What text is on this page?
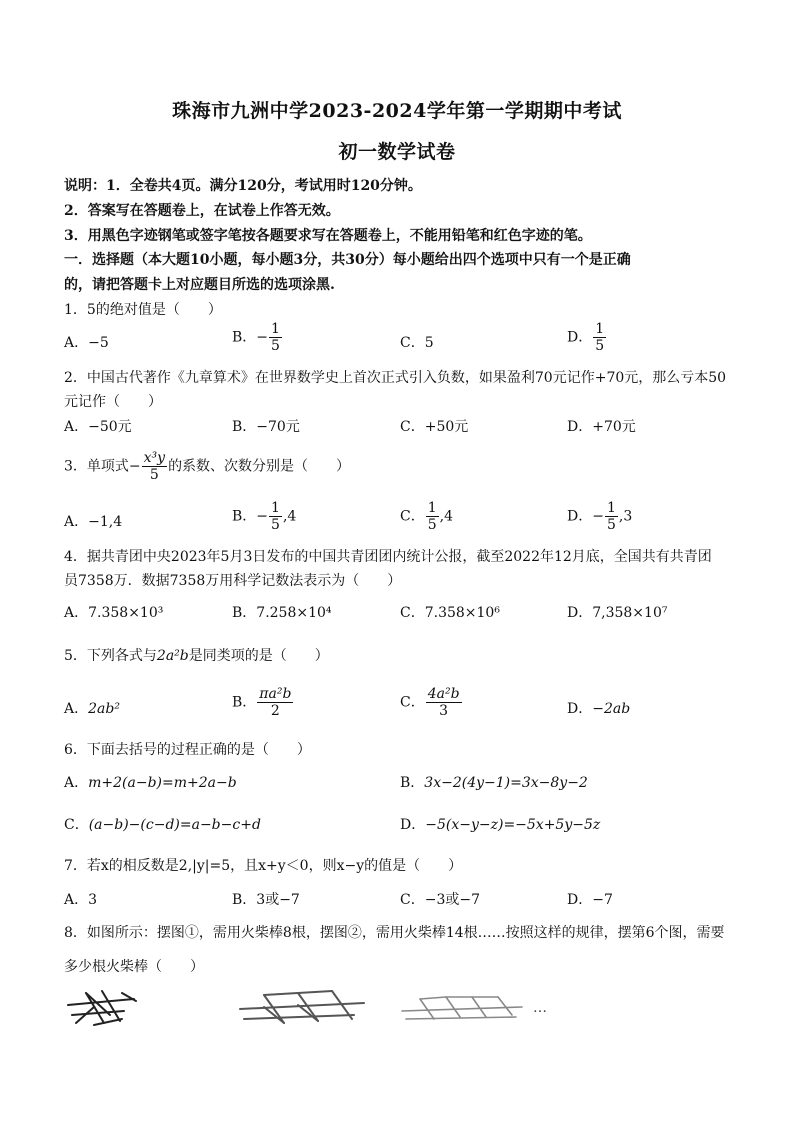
珠海市九洲中学2023-2024学年第一学期期中考试
初一数学试卷
说明：1．全卷共4页。满分120分，考试用时120分钟。
2．答案写在答题卷上，在试卷上作答无效。
3．用黑色字迹钢笔或签字笔按各题要求写在答题卷上，不能用铅笔和红色字迹的笔。
一．选择题（本大题10小题，每小题3分，共30分）每小题给出四个选项中只有一个是正确
的，请把答题卡上对应题目所选的选项涂黑.
1．5的绝对值是（　　）
A．−5	B．− $\frac{1}{5}$	C．5	D． $\frac{1}{5}$
2．中国古代著作《九章算术》在世界数学史上首次正式引入负数，如果盈利70元记作+70元，那么亏本50
元记作（　　）
A．−50元	B．−70元	C．+50元	D．+70元
3．单项式− $\frac{\text{x³y}}{5}$ 的系数、次数分别是（　　）
A．−1,4	B．− $\frac{1}{5} ,4$	C． $\frac{1}{5} ,4$	D．− $\frac{1}{5} ,3$
4．据共青团中央2023年5月3日发布的中国共青团团内统计公报，截至2022年12月底，全国共有共青团
员7358万．数据7358万用科学记数法表示为（　　）
A．7.358×10³	B．7.258×10⁴	C．7.358×10⁶	D．7,358×10⁷
5．下列各式与2a²b是同类项的是（　　）
A．2ab²	B． $\frac{\text{πa²b}}{2}$	C． $\frac{\text{4a²b}}{3}$	D．−2ab
6．下面去括号的过程正确的是（　　）
A．m+2(a−b)=m+2a−b	B．3x−2(4y−1)=3x−8y−2
C．(a−b)−(c−d)=a−b−c+d	D．−5(x−y−z)=−5x+5y−5z
7．若x的相反数是2,|y|=5，且x+y＜0，则x−y的值是（　　）
A．3	B．3或−7	C．−3或−7	D．−7
8．如图所示：摆图①，需用火柴棒8根，摆图②，需用火柴棒14根……按照这样的规律，摆第6个图，需要
多少根火柴棒（　　）
…
